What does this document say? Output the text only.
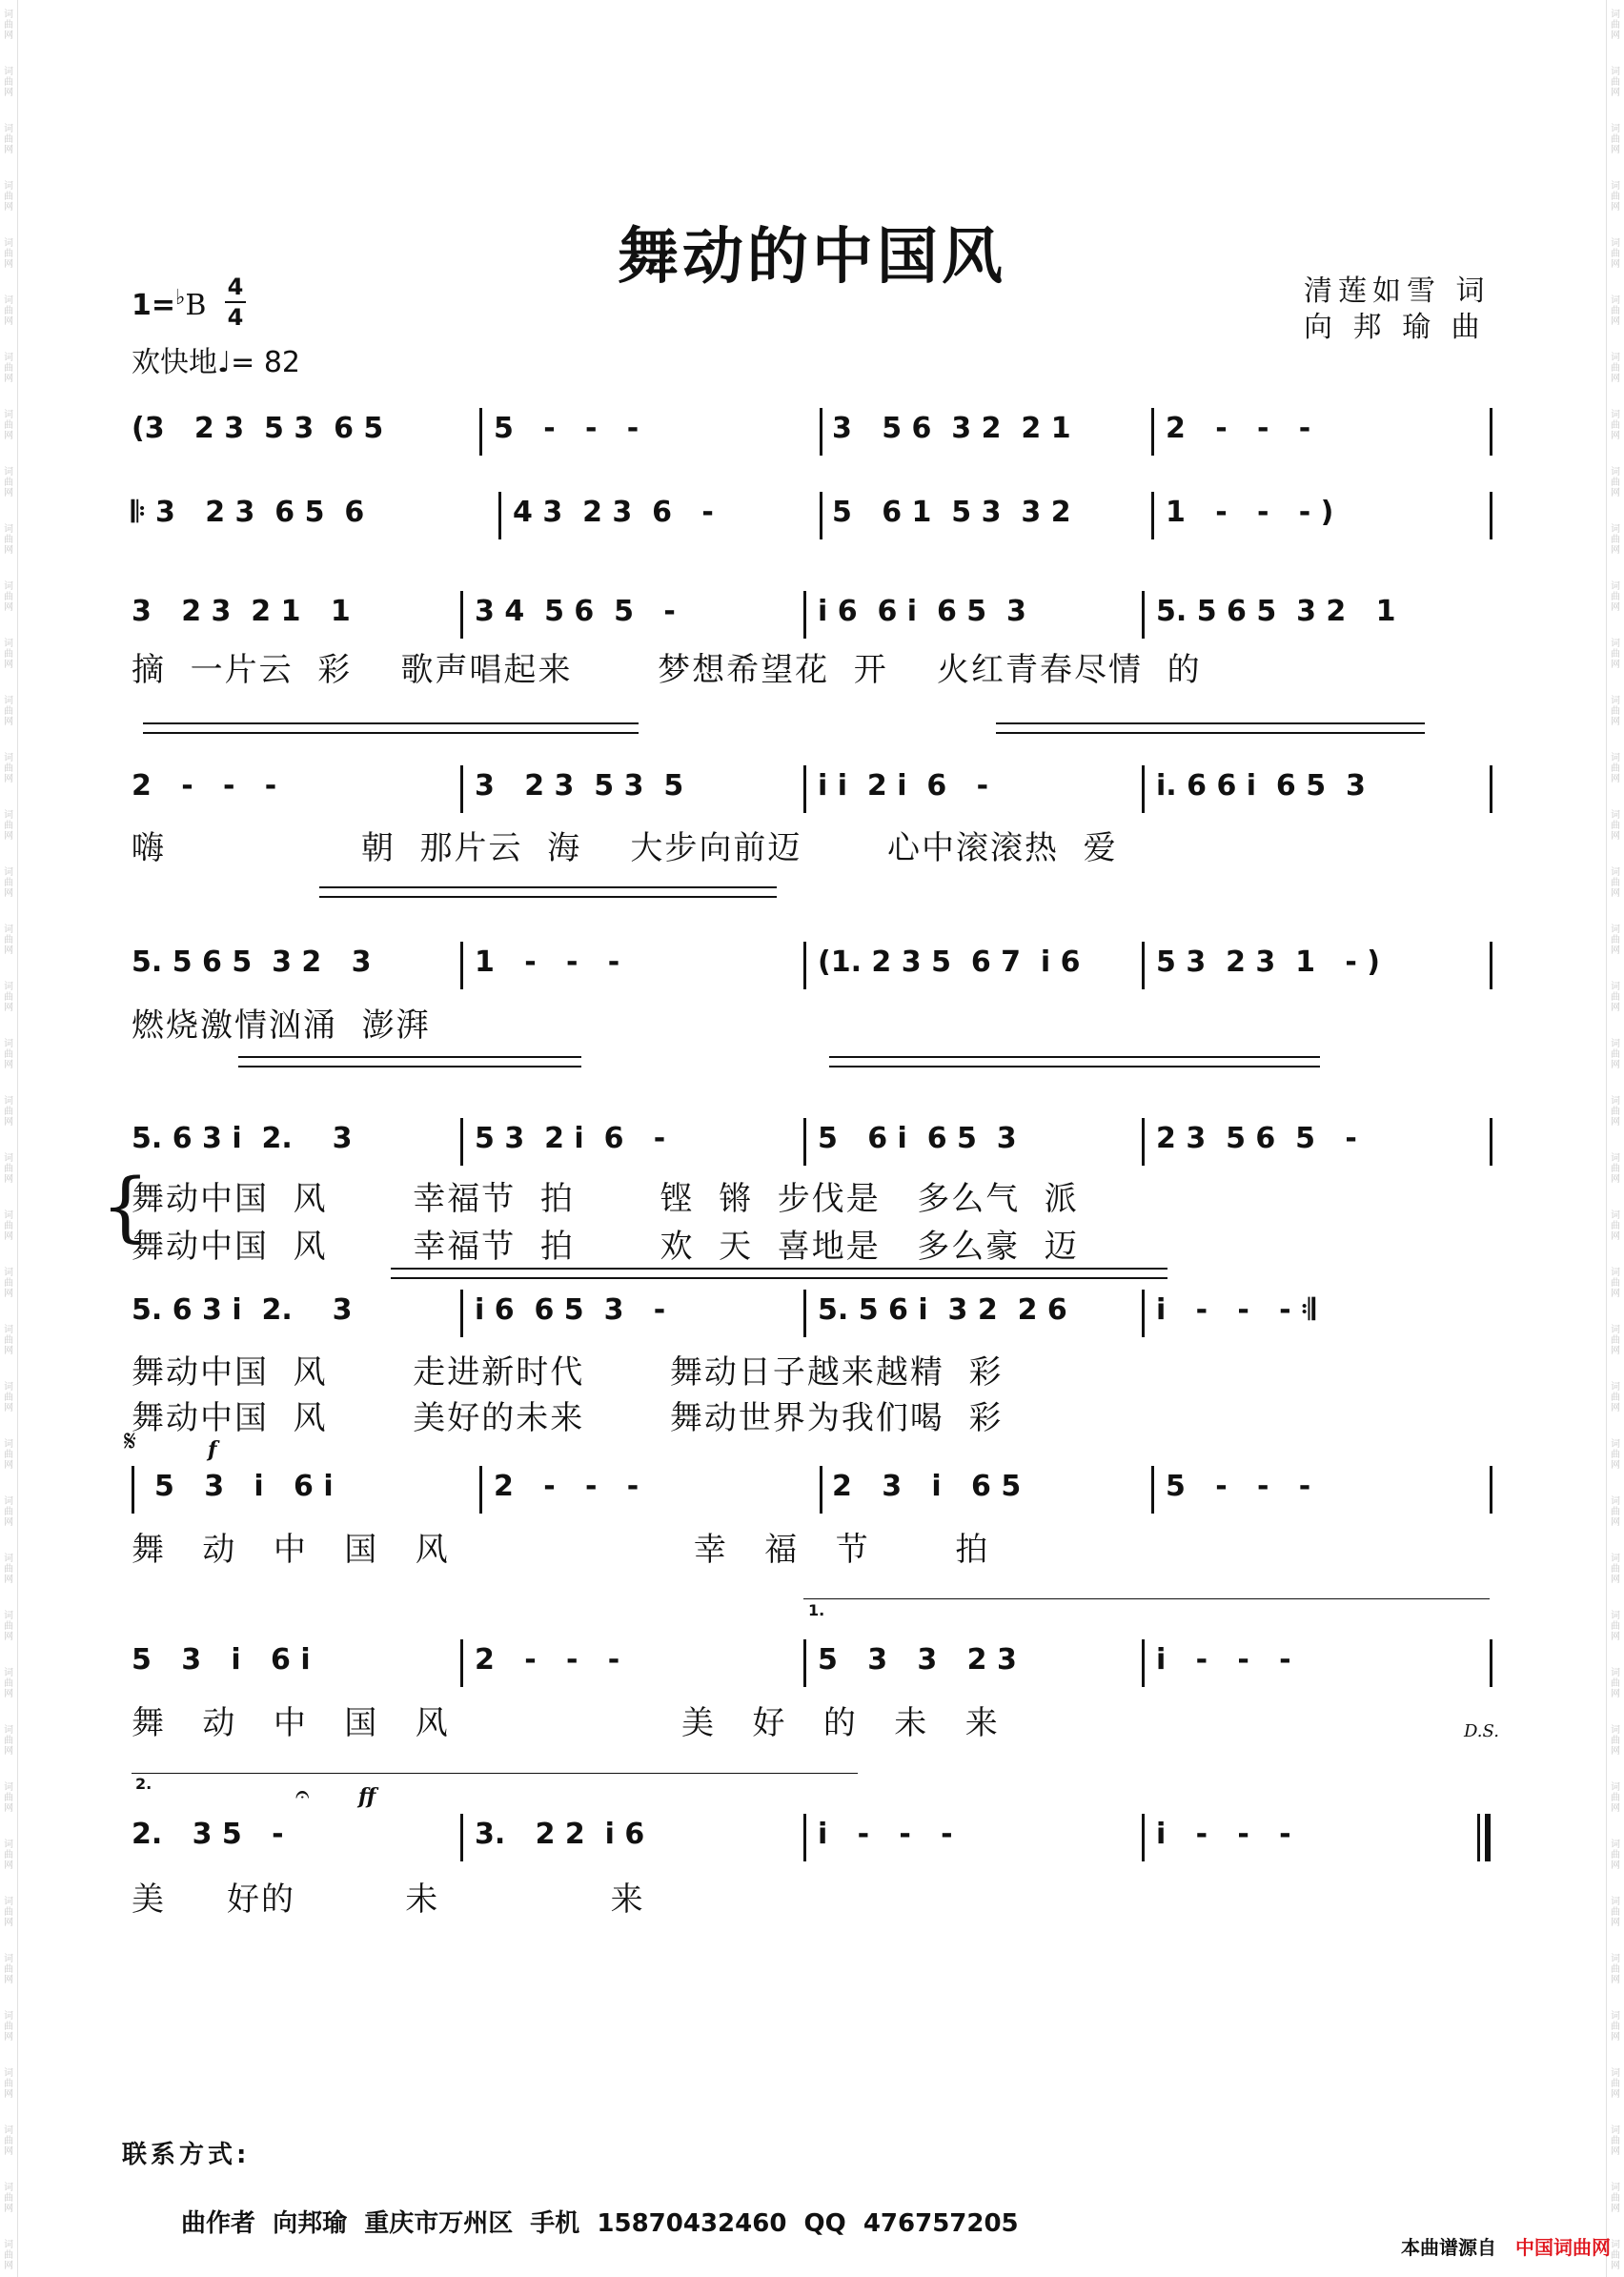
词曲网
词曲网
词曲网
词曲网
词曲网
词曲网
词曲网
词曲网
词曲网
词曲网
词曲网
词曲网
词曲网
词曲网
词曲网
词曲网
词曲网
词曲网
词曲网
词曲网
词曲网
词曲网
词曲网
词曲网
词曲网
词曲网
词曲网
词曲网
词曲网
词曲网
词曲网
词曲网
词曲网
词曲网
词曲网
词曲网
词曲网
词曲网
词曲网
词曲网
词曲网
词曲网
词曲网
词曲网
词曲网
词曲网
词曲网
词曲网
词曲网
词曲网
词曲网
词曲网
词曲网
词曲网
词曲网
词曲网
词曲网
词曲网
词曲网
词曲网
词曲网
词曲网
词曲网
词曲网
词曲网
词曲网
词曲网
词曲网
词曲网
词曲网
词曲网
词曲网
词曲网
词曲网
词曲网
词曲网
词曲网
词曲网
词曲网
词曲网
舞动的中国风
1=♭B
4
4
欢快地♩= 82
清莲如雪 词
向 邦 瑜 曲
(3   2 3  5 3  6 5	5   -   -   -	3   5 6  3 2  2 1	2   -   -   -
𝄆 3   2 3  6 5  6	4 3  2 3  6   -	5   6 1  5 3  3 2	1   -   -   - )
3   2 3  2 1   1	3 4  5 6  5   -	i 6  6 i  6 5  3	5. 5 6 5  3 2   1
摘  一片云  彩    歌声唱起来       梦想希望花  开    火红青春尽情  的
2   -   -   -	3   2 3  5 3  5	i i  2 i  6   -	i. 6 6 i  6 5  3
嗨                朝  那片云  海    大步向前迈       心中滚滚热  爱
5. 5 6 5  3 2   3	1   -   -   -	(1. 2 3 5  6 7  i 6	5 3  2 3  1   - )
燃烧激情汹涌  澎湃
5. 6 3 i  2.    3	5 3  2 i  6   -	5   6 i  6 5  3	2 3  5 6  5   -
{
舞动中国  风       幸福节  拍       铿  锵  步伐是   多么气  派
舞动中国  风       幸福节  拍       欢  天  喜地是   多么豪  迈
5. 6 3 i  2.    3	i 6  6 5  3   -	5. 5 6 i  3 2  2 6	i   -   -   - 𝄇
舞动中国  风       走进新时代       舞动日子越来越精  彩
舞动中国  风       美好的未来       舞动世界为我们喝  彩
𝄋	f
5   3   i   6 i	2   -   -   -	2   3   i   6 5	5   -   -   -
舞   动   中   国   风                    幸   福   节       拍
1.
5   3   i   6 i	2   -   -   -	5   3   3   2 3	i   -   -   -
舞   动   中   国   风                   美   好   的   未   来	D.S.
2.	𝄐 ff
2.   3 5   -	3.   2 2  i 6	i   -   -   -	i   -   -   -
美     好的         未              来
联系方式:
曲作者  向邦瑜  重庆市万州区  手机  15870432460  QQ  476757205
本曲谱源自 中国词曲网
